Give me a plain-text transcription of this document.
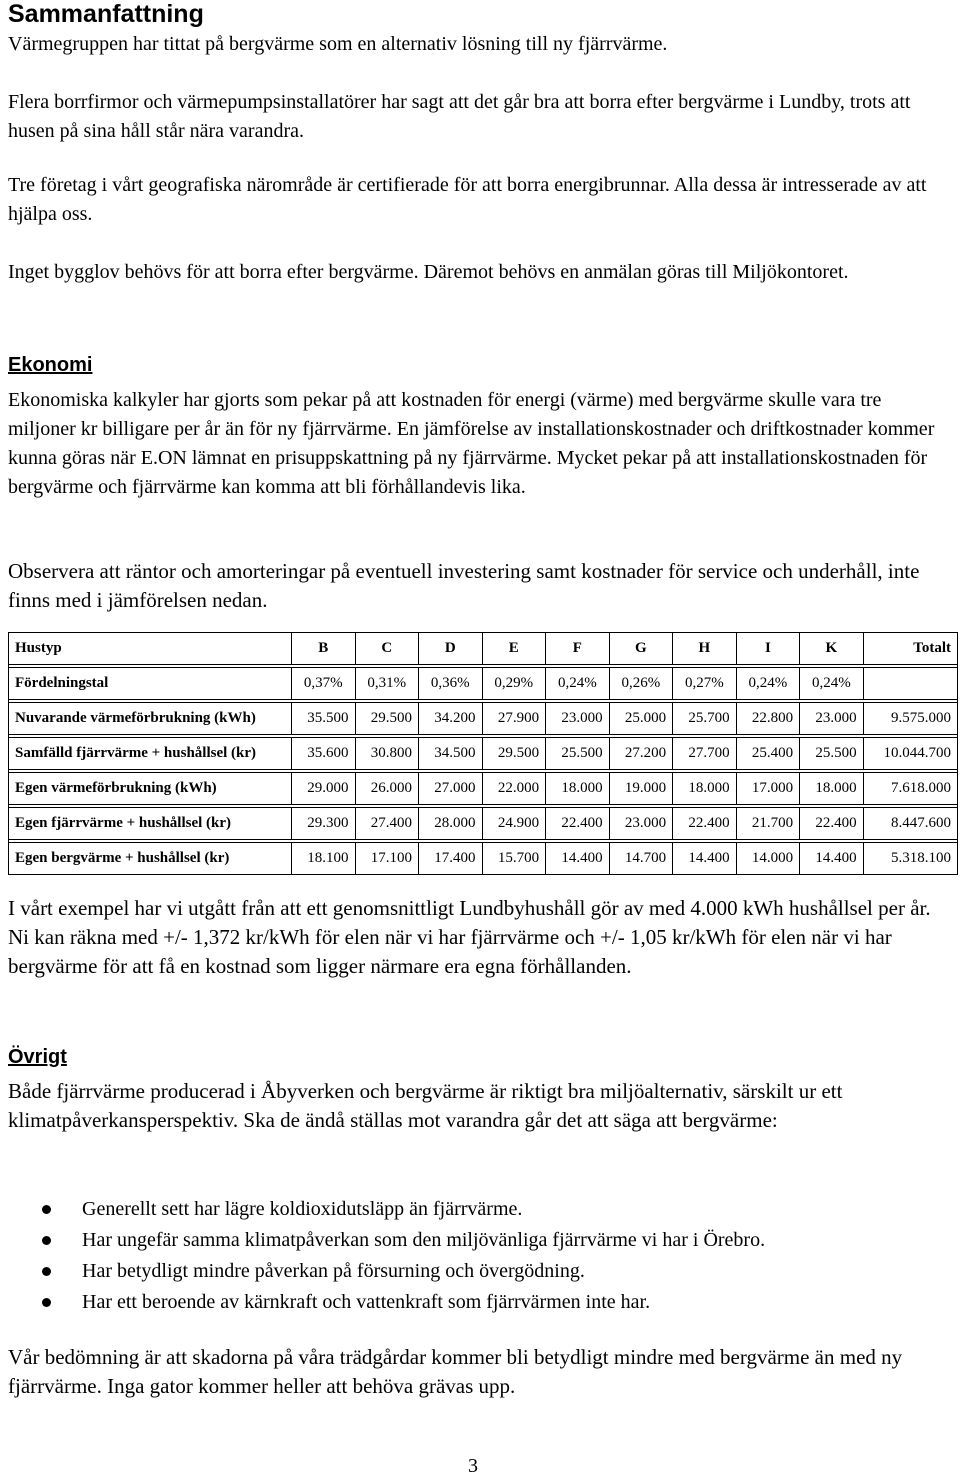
Sammanfattning

Värmegruppen har tittat på bergvärme som en alternativ lösning till ny fjärrvärme.

Flera borrfirmor och värmepumpsinstallatörer har sagt att det går bra att borra efter bergvärme i Lundby, trots att husen på sina håll står nära varandra.

Tre företag i vårt geografiska närområde är certifierade för att borra energibrunnar. Alla dessa är intresserade av att hjälpa oss.

Inget bygglov behövs för att borra efter bergvärme. Däremot behövs en anmälan göras till Miljökontoret.

Ekonomi

Ekonomiska kalkyler har gjorts som pekar på att kostnaden för energi (värme) med bergvärme skulle vara tre miljoner kr billigare per år än för ny fjärrvärme. En jämförelse av installationskostnader och driftkostnader kommer kunna göras när E.ON lämnat en prisuppskattning på ny fjärrvärme. Mycket pekar på att installationskostnaden för bergvärme och fjärrvärme kan komma att bli förhållandevis lika.

Observera att räntor och amorteringar på eventuell investering samt kostnader för service och underhåll, inte finns med i jämförelsen nedan.

Hustyp	B	C	D	E	F	G	H	I	K	Totalt

Fördelningstal	0,37%	0,31%	0,36%	0,29%	0,24%	0,26%	0,27%	0,24%	0,24%	

Nuvarande värmeförbrukning (kWh)	35.500	29.500	34.200	27.900	23.000	25.000	25.700	22.800	23.000	9.575.000

Samfälld fjärrvärme + hushållsel (kr)	35.600	30.800	34.500	29.500	25.500	27.200	27.700	25.400	25.500	10.044.700

Egen värmeförbrukning (kWh)	29.000	26.000	27.000	22.000	18.000	19.000	18.000	17.000	18.000	7.618.000

Egen fjärrvärme + hushållsel (kr)	29.300	27.400	28.000	24.900	22.400	23.000	22.400	21.700	22.400	8.447.600

Egen bergvärme + hushållsel (kr)	18.100	17.100	17.400	15.700	14.400	14.700	14.400	14.000	14.400	5.318.100

I vårt exempel har vi utgått från att ett genomsnittligt Lundbyhushåll gör av med 4.000 kWh hushållsel per år. Ni kan räkna med +/- 1,372 kr/kWh för elen när vi har fjärrvärme och +/- 1,05 kr/kWh för elen när vi har bergvärme för att få en kostnad som ligger närmare era egna förhållanden.

Övrigt

Både fjärrvärme producerad i Åbyverken och bergvärme är riktigt bra miljöalternativ, särskilt ur ett klimatpåverkansperspektiv. Ska de ändå ställas mot varandra går det att säga att bergvärme:

Generellt sett har lägre koldioxidutsläpp än fjärrvärme.
Har ungefär samma klimatpåverkan som den miljövänliga fjärrvärme vi har i Örebro.
Har betydligt mindre påverkan på försurning och övergödning.
Har ett beroende av kärnkraft och vattenkraft som fjärrvärmen inte har.

Vår bedömning är att skadorna på våra trädgårdar kommer bli betydligt mindre med bergvärme än med ny fjärrvärme. Inga gator kommer heller att behöva grävas upp.

3
